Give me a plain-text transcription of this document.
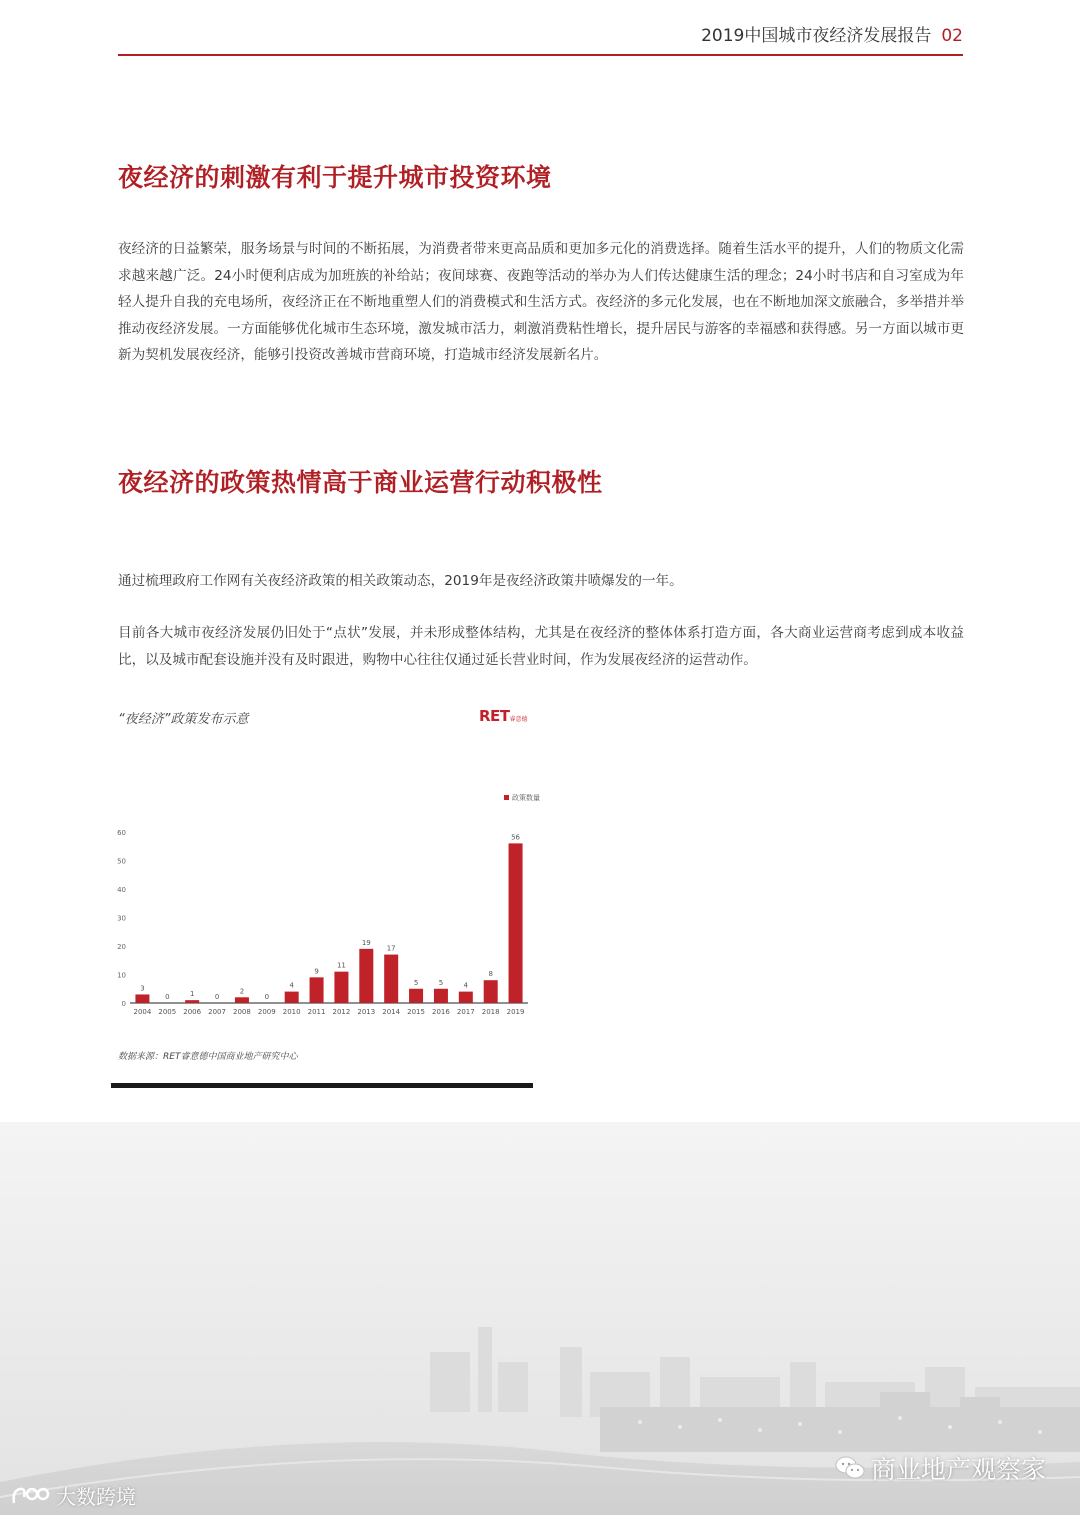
2019中国城市夜经济发展报告 02
夜经济的刺激有利于提升城市投资环境

夜经济的日益繁荣，服务场景与时间的不断拓展，为消费者带来更高品质和更加多元化的消费选择。随着生活水平的提升，人们的物质文化需求越来越广泛。24小时便利店成为加班族的补给站；夜间球赛、夜跑等活动的举办为人们传达健康生活的理念；24小时书店和自习室成为年轻人提升自我的充电场所，夜经济正在不断地重塑人们的消费模式和生活方式。夜经济的多元化发展，也在不断地加深文旅融合，多举措并举推动夜经济发展。一方面能够优化城市生态环境，激发城市活力，刺激消费粘性增长，提升居民与游客的幸福感和获得感。另一方面以城市更新为契机发展夜经济，能够引投资改善城市营商环境，打造城市经济发展新名片。

夜经济的政策热情高于商业运营行动积极性

通过梳理政府工作网有关夜经济政策的相关政策动态，2019年是夜经济政策井喷爆发的一年。

目前各大城市夜经济发展仍旧处于“点状”发展，并未形成整体结构，尤其是在夜经济的整体体系打造方面，各大商业运营商考虑到成本收益比，以及城市配套设施并没有及时跟进，购物中心往往仅通过延长营业时间，作为发展夜经济的运营动作。

“夜经济”政策发布示意	RET睿意德
0
10
20
30
40
50
60
3
2004
0
2005
1
2006
0
2007
2
2008
0
2009
4
2010
9
2011
11
2012
19
2013
17
2014
5
2015
5
2016
4
2017
8
2018
56
2019
政策数量
数据来源：RET睿意德中国商业地产研究中心
商业地产观察家
大数跨境
